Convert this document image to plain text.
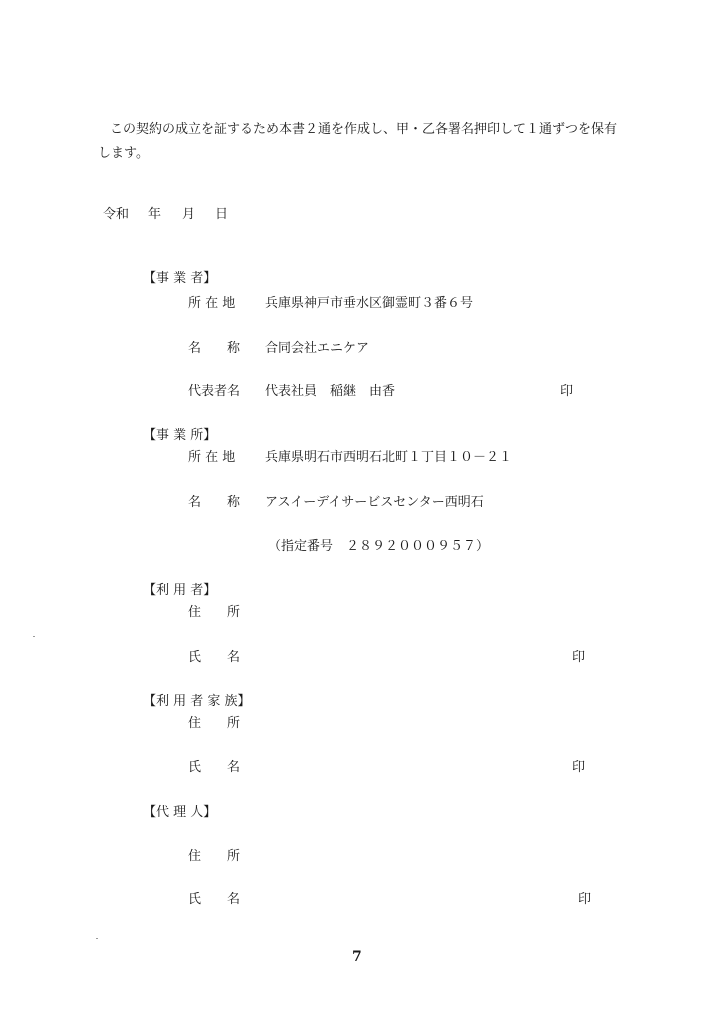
この契約の成立を証するため本書２通を作成し、甲・乙各署名押印して１通ずつを保有
します。
令和 年 月 日
【事 業 者】
所 在 地 兵庫県神戸市垂水区御霊町３番６号
名　　称 合同会社エニケア
代表者名 代表社員　稲継　由香	印
【事 業 所】
所 在 地 兵庫県明石市西明石北町１丁目１０－２１
名　　称 アスイーデイサービスセンター西明石
（指定番号　２８９２０００９５７）
【利 用 者】
住　　所
氏　　名	印
【利 用 者 家 族】
住　　所
氏　　名	印
【代 理 人】
住　　所
氏　　名	印
7
